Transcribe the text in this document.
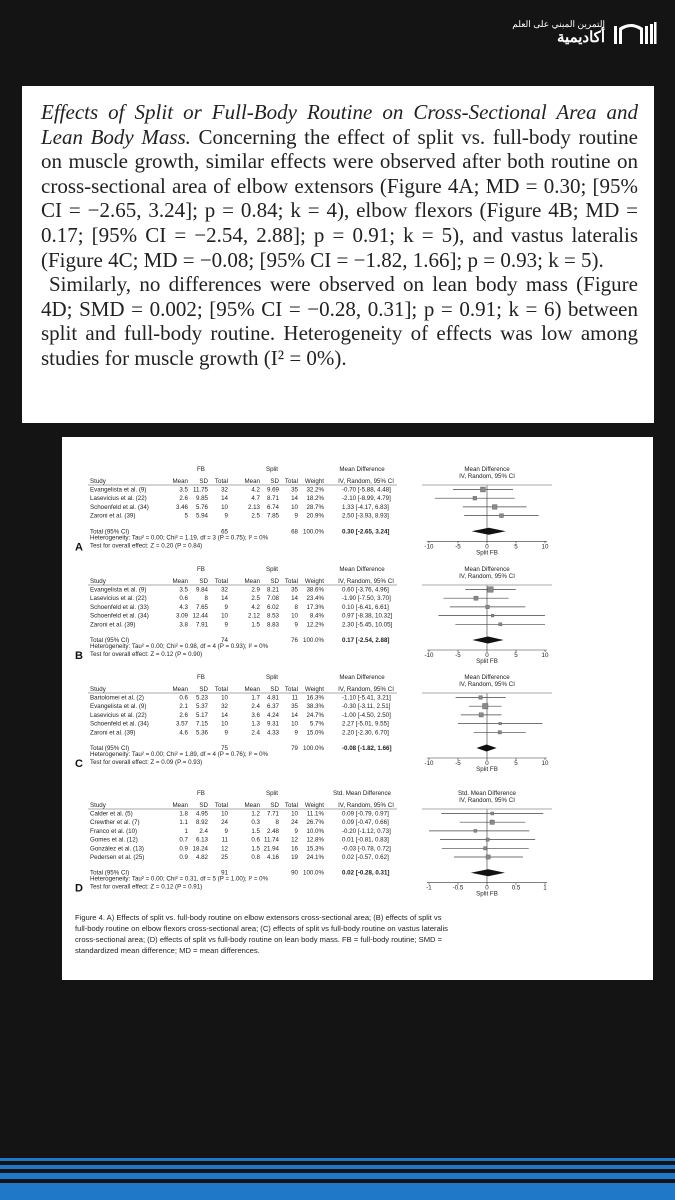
التمرين المبني على العلم
أكاديمية

Effects of Split or Full-Body Routine on Cross-Sectional Area and Lean Body Mass. Concerning the effect of split vs. full-body routine on muscle growth, similar effects were observed after both routine on cross-sectional area of elbow extensors (Figure 4A; MD = 0.30; [95% CI = −2.65, 3.24]; p = 0.84; k = 4), elbow flexors (Figure 4B; MD = 0.17; [95% CI = −2.54, 2.88]; p = 0.91; k = 5), and vastus lateralis (Figure 4C; MD = −0.08; [95% CI = −1.82, 1.66]; p = 0.93; k = 5).

Similarly, no differences were observed on lean body mass (Figure 4D; SMD = 0.002; [95% CI = −0.28, 0.31]; p = 0.91; k = 6) between split and full-body routine. Heterogeneity of effects was low among studies for muscle growth (I² = 0%).

FB	Split	Mean Difference	Mean Difference
IV, Random, 95% CI
Study	Mean SD Total	Mean SD Total Weight IV, Random, 95% CI
Evangelista et al. (9)	3.5 11.75 32	4.2 9.69 35 32.2%	-0.70 [-5.88, 4.48]
Lasevicius et al. (22)	2.6 9.85 14	4.7 8.71 14 18.2%	-2.10 [-8.99, 4.79]
Schoenfeld et al. (34)	3.46 5.76 10	2.13 6.74 10 28.7%	1.33 [-4.17, 6.83]
Zaroni et al. (39)	5 5.94	9	2.5 7.85	9 20.9%	2.50 [-3.93, 8.93]
Total (95% CI)	65	68 100.0%	0.30 [-2.65, 3.24]
-10	-5	0	5	10
Split FB
Heterogeneity: Tau² = 0.00; Chi² = 1.19, df = 3 (P = 0.75); I² = 0%
Test for overall effect: Z = 0.20 (P = 0.84)
A
FB	Split	Mean Difference	Mean Difference
IV, Random, 95% CI
Study	Mean SD Total	Mean SD Total Weight IV, Random, 95% CI
Evangelista et al. (9)	3.5 9.84 32	2.9 8.21 35 38.6%	0.60 [-3.76, 4.96]
Lasevicius et al. (22)	0.6	8 14	2.5 7.08 14 23.4%	-1.90 [-7.50, 3.70]
Schoenfeld et al. (33)	4.3 7.65	9	4.2 6.02	8 17.3%	0.10 [-6.41, 6.61]
Schoenfeld et al. (34)	3.09 12.44 10	2.12 8.53 10 8.4%	0.97 [-8.38, 10.32]
Zaroni et al. (39)	3.8 7.91	9	1.5 8.83	9 12.2%	2.30 [-5.45, 10.05]
Total (95% CI)	74	76 100.0%	0.17 [-2.54, 2.88]
-10	-5	0	5	10
Split FB
Heterogeneity: Tau² = 0.00; Chi² = 0.98, df = 4 (P = 0.93); I² = 0%
Test for overall effect: Z = 0.12 (P = 0.90)
B
FB	Split	Mean Difference	Mean Difference
IV, Random, 95% CI
Study	Mean SD Total	Mean SD Total Weight IV, Random, 95% CI
Bartolomei et al. (2)	0.6 5.23 10	1.7 4.81 11 16.3%	-1.10 [-5.41, 3.21]
Evangelista et al. (9)	2.1 5.37 32	2.4 6.37 35 38.3%	-0.30 [-3.11, 2.51]
Lasevicius et al. (22)	2.6 5.17 14	3.6 4.24 14 24.7%	-1.00 [-4.50, 2.50]
Schoenfeld et al. (34)	3.57 7.15 10	1.3 9.31 10 5.7%	2.27 [-5.01, 9.55]
Zaroni et al. (39)	4.6 5.36	9	2.4 4.33	9 15.0%	2.20 [-2.30, 6.70]
Total (95% CI)	75	79 100.0%	-0.08 [-1.82, 1.66]
-10	-5	0	5	10
Split FB
Heterogeneity: Tau² = 0.00; Chi² = 1.89, df = 4 (P = 0.76); I² = 0%
Test for overall effect: Z = 0.09 (P = 0.93)
C
FB	Split	Std. Mean Difference	Std. Mean Difference
IV, Random, 95% CI
Study	Mean SD Total	Mean SD Total Weight IV, Random, 95% CI
Calder et al. (5)	1.8 4.95 10	1.2 7.71 10 11.1%	0.09 [-0.79, 0.97]
Crewther et al. (7)	1.1 8.92 24	0.3	8 24 26.7%	0.09 [-0.47, 0.66]
Franco et al. (10)	1 2.4	9	1.5 2.48	9 10.0%	-0.20 [-1.12, 0.73]
Gomes et al. (12)	0.7 6.13 11	0.6 11.74 12 12.8%	0.01 [-0.81, 0.83]
González et al. (13)	0.9 18.24 12	1.5 21.94 16 15.3%	-0.03 [-0.78, 0.72]
Pedersen et al. (25)	0.9 4.82 25	0.8 4.16 19 24.1%	0.02 [-0.57, 0.62]
Total (95% CI)	91	90 100.0%	0.02 [-0.28, 0.31]
-1	-0.5	0	0.5	1
Split FB
Heterogeneity: Tau² = 0.00; Chi² = 0.31, df = 5 (P = 1.00); I² = 0%
Test for overall effect: Z = 0.12 (P = 0.91)
D
Figure 4. A) Effects of split vs. full-body routine on elbow extensors cross-sectional area; (B) effects of split vs full-body routine on elbow flexors cross-sectional area; (C) effects of split vs full-body routine on vastus lateralis cross-sectional area; (D) effects of split vs full-body routine on lean body mass. FB = full-body routine; SMD = standardized mean difference; MD = mean differences.
